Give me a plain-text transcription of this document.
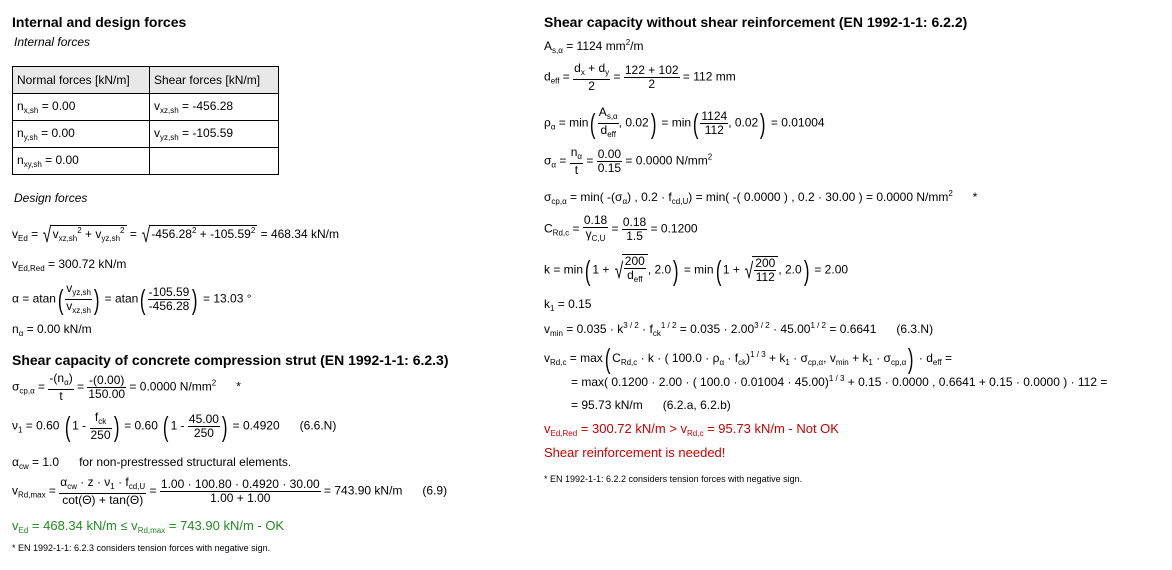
Internal and design forces
Internal forces
Normal forces [kN/m]	Shear forces [kN/m]
$n_{x,sh} = 0.00$	$v_{xz,sh} = -456.28$
$n_{y,sh} = 0.00$	$v_{yz,sh} = -105.59$
$n_{xy,sh} = 0.00$	
Design forces
$v_{Ed} = √v_{xz,sh}^2 + v_{yz,sh}^2 = √-456.28^2 + -105.59^2 = 468.34$ kN/m
$v_{Ed,Red} = 300.72$ kN/m
$\alpha = atan( \frac{v_{yz,sh}}{v_{xz,sh}}$ ) = $atan( \frac{-105.59}{-456.28}$ ) = 13.03 °
$n_\alpha = 0.00$ kN/m
Shear capacity of concrete compression strut (EN 1992-1-1: 6.2.3)
$\sigma_{cp,\alpha} = \frac{-(n_\alpha)}{t} = \frac{-(0.00)}{150.00} = 0.0000$ $N/mm^2$      *
$\nu_1 = 0.60$ ( $1 - \frac{f_{ck}}{250}$ ) = 0.60 ( $1 - \frac{45.00}{250}$ ) = 0.4920 (6.6.N)
$\alpha_{cw} = 1.0$ for non-prestressed structural elements.
$v_{Rd,max} = \frac{\alpha_{cw} \cdot z \cdot \nu_1 \cdot f_{cd,U}}{\cot(\Theta) + \tan(\Theta)} = \frac{1.00 \cdot 100.80 \cdot 0.4920 \cdot 30.00}{1.00 + 1.00} = 743.90$ kN/m (6.9)
$v_{Ed} = 468.34$ $kN/m \le v_{Rd,max} = 743.90$ kN/m - OK
* EN 1992-1-1: 6.2.3 considers tension forces with negative sign.
Shear capacity without shear reinforcement (EN 1992-1-1: 6.2.2)
$A_{s,\alpha} = 1124$ $mm^2/m$
$d_{eff} = \frac{d_x + d_y}{2} = \frac{122 + 102}{2} = 112$ mm
$\rho_\alpha = \min( \frac{A_{s,\alpha}}{d_{eff}}$ , $0.02) = \min( \frac{1124}{112}$ , 0.02) = 0.01004
$\sigma_\alpha = \frac{n_\alpha}{t} = \frac{0.00}{0.15} = 0.0000$ $N/mm^2$
$\sigma_{cp,\alpha} = \min$( $-(\sigma_\alpha)$ , $0.2 \cdot f_{cd,U}) = \min$( -( 0.0000 ) , 0.2 · 30.00 ) = 0.0000 $N/mm^2$      *
$C_{Rd,c} = \frac{0.18}{\gamma_{C,U}} = \frac{0.18}{1.5} = 0.1200$
k = min( 1 + √ $\frac{200}{d_{eff}}$ , 2.0) = min( 1 + √ $\frac{200}{112}$ , 2.0) = 2.00
$k_1 = 0.15$
$v_{min} = 0.035 \cdot k^{3 / 2} \cdot f_{ck}^{1 / 2} = 0.035 \cdot 2.00^{3 / 2} \cdot 45.00^{1 / 2} = 0.6641$ (6.3.N)
$v_{Rd,c} = \max$( $C_{Rd,c} \cdot k$ · ( $100.0 \cdot \rho_\alpha \cdot f_{ck})^{1 / 3} + k_1 \cdot \sigma_{cp,\alpha}$, $v_{min} + k_1 \cdot \sigma_{cp,\alpha}) \cdot d_{eff}$ =
= max( 0.1200 · 2.00 · ( 100.0 · 0.01004 · 45.00)$^{1 / 3}$ + 0.15 · 0.0000 , 0.6641 + 0.15 · 0.0000 ) · 112 =
= 95.73 kN/m (6.2.a, 6.2.b)
$v_{Ed,Red} = 300.72$ $kN/m > v_{Rd,c} = 95.73$ kN/m - Not OK
Shear reinforcement is needed!
* EN 1992-1-1: 6.2.2 considers tension forces with negative sign.
